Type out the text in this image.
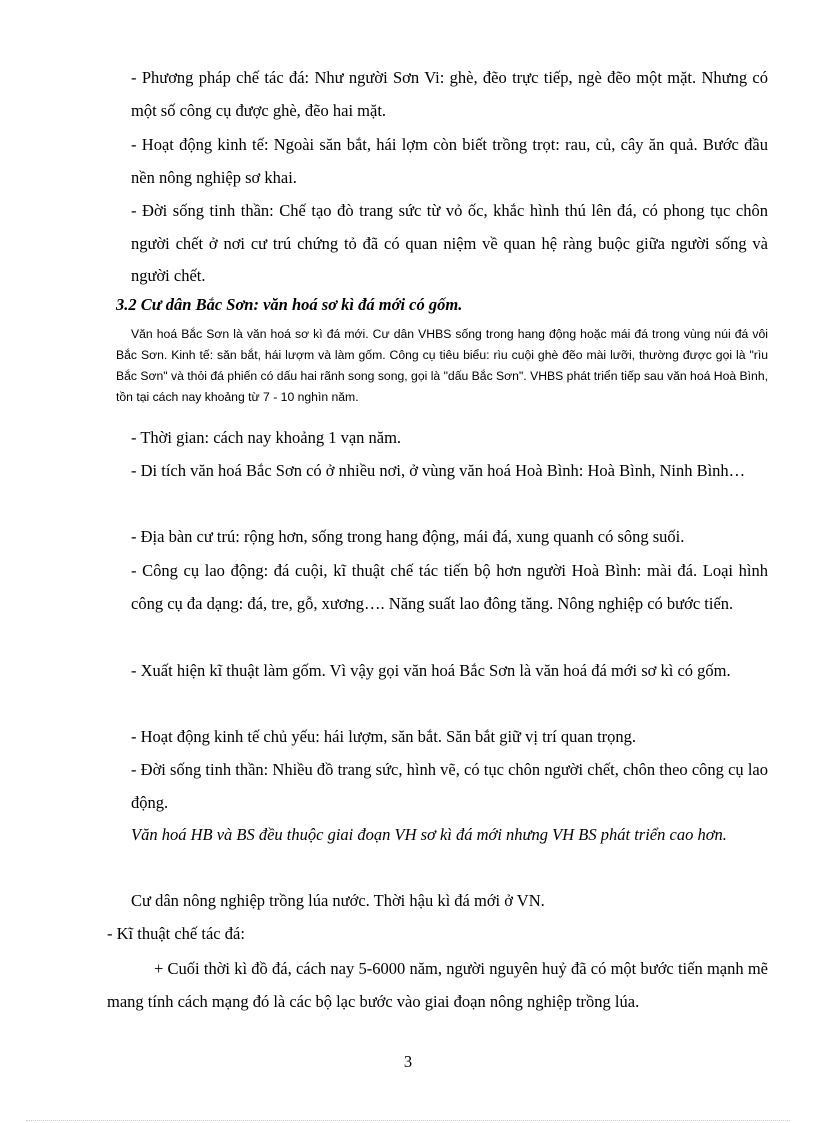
- Phương pháp chế tác đá: Như người Sơn Vi: ghè, đẽo trực tiếp, ngè đẽo một mặt. Nhưng có một số công cụ được ghè, đẽo hai mặt.
- Hoạt động kinh tế: Ngoài săn bắt, hái lợm còn biết trồng trọt: rau, củ, cây ăn quả. Bước đầu nền nông nghiệp sơ khai.
- Đời sống tinh thần: Chế tạo đò trang sức từ vỏ ốc, khắc hình thú lên đá, có phong tục chôn người chết ở nơi cư trú chứng tỏ đã có quan niệm về quan hệ ràng buộc giữa người sống và người chết.
3.2 Cư dân Bắc Sơn: văn hoá sơ kì đá mới có gốm.
Văn hoá Bắc Sơn là văn hoá sơ kì đá mới. Cư dân VHBS sống trong hang động hoặc mái đá trong vùng núi đá vôi Bắc Sơn. Kinh tế: săn bắt, hái lượm và làm gốm. Công cụ tiêu biểu: rìu cuội ghè đẽo mài lưỡi, thường được gọi là "rìu Bắc Sơn" và thỏi đá phiến có dấu hai rãnh song song, gọi là "dấu Bắc Sơn". VHBS phát triển tiếp sau văn hoá Hoà Bình, tồn tại cách nay khoảng từ 7 - 10 nghìn năm.
- Thời gian: cách nay khoảng 1 vạn năm.
- Di tích văn hoá Bắc Sơn có ở nhiều nơi, ở vùng văn hoá Hoà Bình: Hoà Bình, Ninh Bình…
- Địa bàn cư trú: rộng hơn, sống trong hang động, mái đá, xung quanh có sông suối.
- Công cụ lao động: đá cuội, kĩ thuật chế tác tiến bộ hơn người Hoà Bình: mài đá. Loại hình công cụ đa dạng: đá, tre, gỗ, xương…. Năng suất lao đông tăng. Nông nghiệp có bước tiến.
- Xuất hiện kĩ thuật làm gốm. Vì vậy gọi văn hoá Bắc Sơn là văn hoá đá mới sơ kì có gốm.
- Hoạt động kinh tế chủ yếu: hái lượm, săn bắt. Săn bắt giữ vị trí quan trọng.
- Đời sống tinh thần: Nhiều đồ trang sức, hình vẽ, có tục chôn người chết, chôn theo công cụ lao động.
Văn hoá HB và BS đều thuộc giai đoạn VH sơ kì đá mới nhưng VH BS phát triển cao hơn.
Cư dân nông nghiệp trồng lúa nước. Thời hậu kì đá mới ở VN.
- Kĩ thuật chế tác đá:
+ Cuối thời kì đồ đá, cách nay 5-6000 năm, người nguyên huỷ đã có một bước tiến mạnh mẽ mang tính cách mạng đó là các bộ lạc bước vào giai đoạn nông nghiệp trồng lúa.
3
